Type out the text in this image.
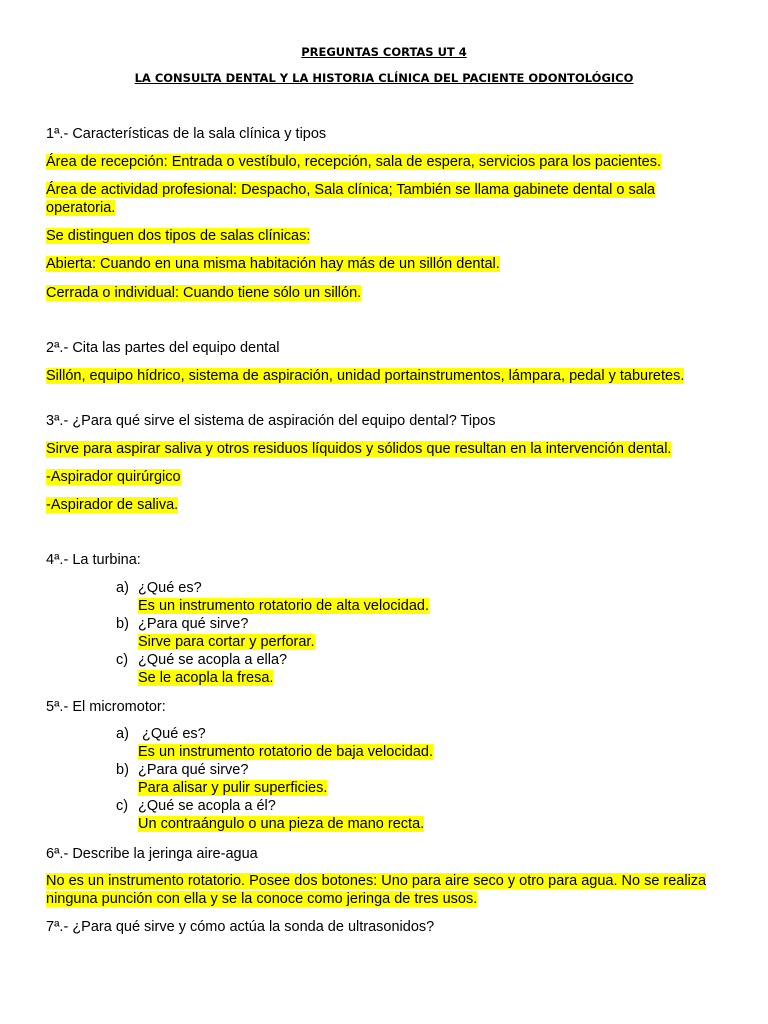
PREGUNTAS CORTAS UT 4
LA CONSULTA DENTAL Y LA HISTORIA CLÍNICA DEL PACIENTE ODONTOLÓGICO
1ª.- Características de la sala clínica y tipos
Área de recepción: Entrada o vestíbulo, recepción, sala de espera, servicios para los pacientes.
Área de actividad profesional: Despacho, Sala clínica; También se llama gabinete dental o sala operatoria.
Se distinguen dos tipos de salas clínicas:
Abierta: Cuando en una misma habitación hay más de un sillón dental.
Cerrada o individual: Cuando tiene sólo un sillón.
2ª.- Cita las partes del equipo dental
Sillón, equipo hídrico, sistema de aspiración, unidad portainstrumentos, lámpara, pedal y taburetes.
3ª.- ¿Para qué sirve el sistema de aspiración del equipo dental? Tipos
Sirve para aspirar saliva y otros residuos líquidos y sólidos que resultan en la intervención dental.
-Aspirador quirúrgico
-Aspirador de saliva.
4ª.- La turbina:
a) ¿Qué es?
Es un instrumento rotatorio de alta velocidad.
b) ¿Para qué sirve?
Sirve para cortar y perforar.
c) ¿Qué se acopla a ella?
Se le acopla la fresa.
5ª.- El micromotor:
a) ¿Qué es?
Es un instrumento rotatorio de baja velocidad.
b) ¿Para qué sirve?
Para alisar y pulir superficies.
c) ¿Qué se acopla a él?
Un contraángulo o una pieza de mano recta.
6ª.- Describe la jeringa aire-agua
No es un instrumento rotatorio. Posee dos botones: Uno para aire seco y otro para agua. No se realiza ninguna punción con ella y se la conoce como jeringa de tres usos.
7ª.- ¿Para qué sirve y cómo actúa la sonda de ultrasonidos?
